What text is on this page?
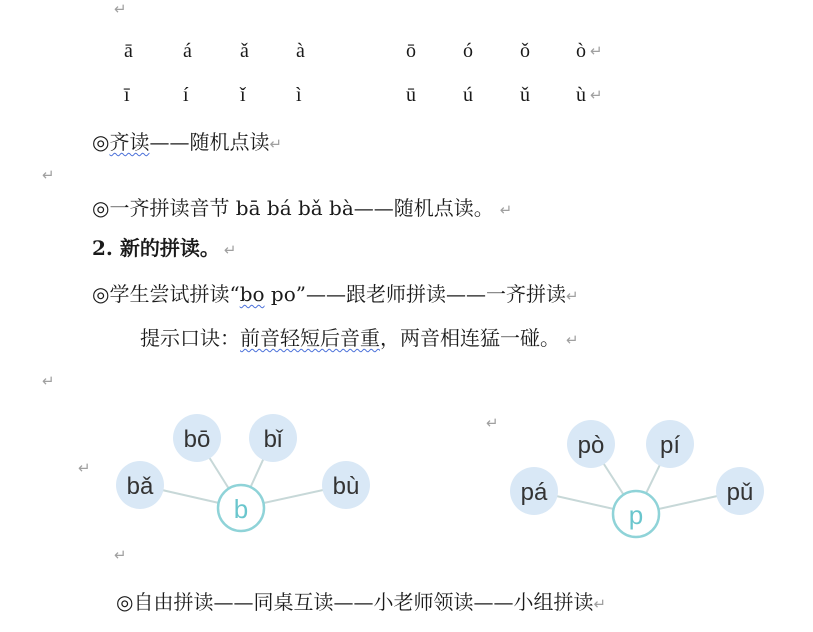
↵
↵
↵
↵
↵
↵
ā	á ǎ à	ō ó ǒ ò ↵
ī	í	ǐ	ì	ū ú ǔ ù ↵
◎齐读——随机点读↵
◎一齐拼读音节 bā bá bǎ bà——随机点读。 ↵
2. 新的拼读。 ↵
◎学生尝试拼读“bo po”——跟老师拼读——一齐拼读↵
提示口诀：前音轻短后音重，两音相连猛一碰。 ↵
◎自由拼读——同桌互读——小老师领读——小组拼读↵
bǎ
bō bǐ
bù
b
pá
pò pí
pǔ
p
